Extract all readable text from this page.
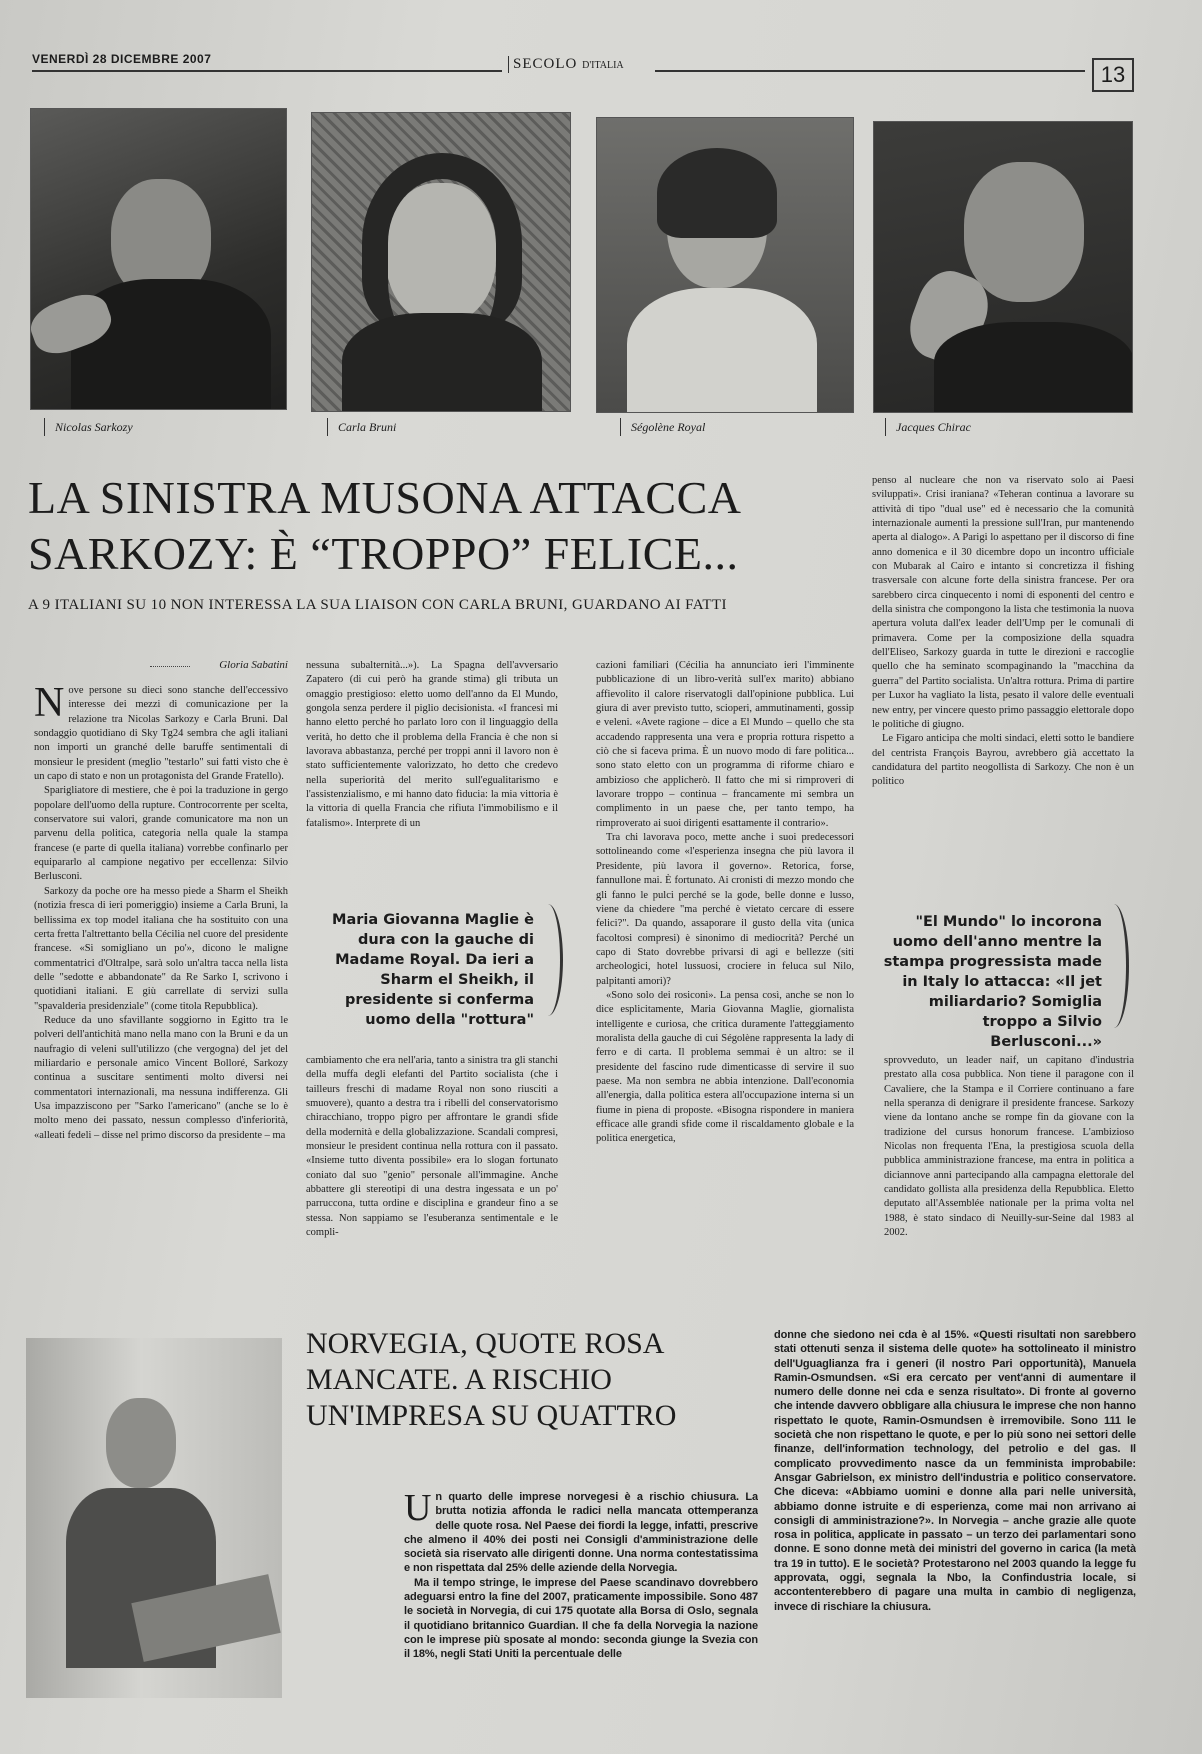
VENERDÌ 28 DICEMBRE 2007	SECOLO D'ITALIA	13
Nicolas Sarkozy	Carla Bruni	Ségolène Royal	Jacques Chirac
LA SINISTRA MUSONA ATTACCA
SARKOZY: È “TROPPO” FELICE...
A 9 ITALIANI SU 10 NON INTERESSA LA SUA LIAISON CON CARLA BRUNI, GUARDANO AI FATTI
Gloria Sabatini

Nove persone su dieci sono stanche dell'eccessivo interesse dei mezzi di comunicazione per la relazione tra Nicolas Sarkozy e Carla Bruni. Dal sondaggio quotidiano di Sky Tg24 sembra che agli italiani non importi un granché delle baruffe sentimentali di monsieur le president (meglio "testarlo" sui fatti visto che è un capo di stato e non un protagonista del Grande Fratello).

Sparigliatore di mestiere, che è poi la traduzione in gergo popolare dell'uomo della rupture. Controcorrente per scelta, conservatore sui valori, grande comunicatore ma non un parvenu della politica, categoria nella quale la stampa francese (e parte di quella italiana) vorrebbe confinarlo per equipararlo al campione negativo per eccellenza: Silvio Berlusconi.

Sarkozy da poche ore ha messo piede a Sharm el Sheikh (notizia fresca di ieri pomeriggio) insieme a Carla Bruni, la bellissima ex top model italiana che ha sostituito con una certa fretta l'altrettanto bella Cécilia nel cuore del presidente francese. «Si somigliano un po'», dicono le maligne commentatrici d'Oltralpe, sarà solo un'altra tacca nella lista delle "sedotte e abbandonate" da Re Sarko I, scrivono i quotidiani italiani. E giù carrellate di servizi sulla "spavalderia presidenziale" (come titola Repubblica).

Reduce da uno sfavillante soggiorno in Egitto tra le polveri dell'antichità mano nella mano con la Bruni e da un naufragio di veleni sull'utilizzo (che vergogna) del jet del miliardario e personale amico Vincent Bolloré, Sarkozy continua a suscitare sentimenti molto diversi nei commentatori internazionali, ma nessuna indifferenza. Gli Usa impazziscono per "Sarko l'americano" (anche se lo è molto meno dei passato, nessun complesso d'inferiorità, «alleati fedeli – disse nel primo discorso da presidente – ma

nessuna subalternità...»). La Spagna dell'avversario Zapatero (di cui però ha grande stima) gli tributa un omaggio prestigioso: eletto uomo dell'anno da El Mundo, gongola senza perdere il piglio decisionista. «I francesi mi hanno eletto perché ho parlato loro con il linguaggio della verità, ho detto che il problema della Francia è che non si lavorava abbastanza, perché per troppi anni il lavoro non è stato sufficientemente valorizzato, ho detto che credevo nella superiorità del merito sull'egualitarismo e l'assistenzialismo, e mi hanno dato fiducia: la mia vittoria è la vittoria di quella Francia che rifiuta l'immobilismo e il fatalismo». Interprete di un

Maria Giovanna Maglie è dura con la gauche di Madame Royal. Da ieri a Sharm el Sheikh, il presidente si conferma uomo della "rottura"

cambiamento che era nell'aria, tanto a sinistra tra gli stanchi della muffa degli elefanti del Partito socialista (che i tailleurs freschi di madame Royal non sono riusciti a smuovere), quanto a destra tra i ribelli del conservatorismo chiracchiano, troppo pigro per affrontare le grandi sfide della modernità e della globalizzazione. Scandali compresi, monsieur le president continua nella rottura con il passato. «Insieme tutto diventa possibile» era lo slogan fortunato coniato dal suo "genio" personale all'immagine. Anche abbattere gli stereotipi di una destra ingessata e un po' parruccona, tutta ordine e disciplina e grandeur fino a se stessa. Non sappiamo se l'esuberanza sentimentale e le compli-

cazioni familiari (Cécilia ha annunciato ieri l'imminente pubblicazione di un libro-verità sull'ex marito) abbiano affievolito il calore riservatogli dall'opinione pubblica. Lui giura di aver previsto tutto, scioperi, ammutinamenti, gossip e veleni. «Avete ragione – dice a El Mundo – quello che sta accadendo rappresenta una vera e propria rottura rispetto a ciò che si faceva prima. È un nuovo modo di fare politica... sono stato eletto con un programma di riforme chiaro e ambizioso che applicherò. Il fatto che mi si rimproveri di lavorare troppo – continua – francamente mi sembra un complimento in un paese che, per tanto tempo, ha rimproverato ai suoi dirigenti esattamente il contrario».

Tra chi lavorava poco, mette anche i suoi predecessori sottolineando come «l'esperienza insegna che più lavora il Presidente, più lavora il governo». Retorica, forse, fannullone mai. È fortunato. Ai cronisti di mezzo mondo che gli fanno le pulci perché se la gode, belle donne e lusso, viene da chiedere "ma perché è vietato cercare di essere felici?". Da quando, assaporare il gusto della vita (unica facoltosi compresi) è sinonimo di mediocrità? Perché un capo di Stato dovrebbe privarsi di agi e bellezze (siti archeologici, hotel lussuosi, crociere in feluca sul Nilo, palpitanti amori)?

«Sono solo dei rosiconi». La pensa così, anche se non lo dice esplicitamente, Maria Giovanna Maglie, giornalista intelligente e curiosa, che critica duramente l'atteggiamento moralista della gauche di cui Ségolène rappresenta la lady di ferro e di carta. Il problema semmai è un altro: se il presidente del fascino rude dimenticasse di servire il suo paese. Ma non sembra ne abbia intenzione. Dall'economia all'energia, dalla politica estera all'occupazione interna si un fiume in piena di proposte. «Bisogna rispondere in maniera efficace alle grandi sfide come il riscaldamento globale e la politica energetica,

penso al nucleare che non va riservato solo ai Paesi sviluppati». Crisi iraniana? «Teheran continua a lavorare su attività di tipo "dual use" ed è necessario che la comunità internazionale aumenti la pressione sull'Iran, pur mantenendo aperta al dialogo». A Parigi lo aspettano per il discorso di fine anno domenica e il 30 dicembre dopo un incontro ufficiale con Mubarak al Cairo e intanto si concretizza il fishing trasversale con alcune forte della sinistra francese. Per ora sarebbero circa cinquecento i nomi di esponenti del centro e della sinistra che compongono la lista che testimonia la nuova apertura voluta dall'ex leader dell'Ump per le comunali di primavera. Come per la composizione della squadra dell'Eliseo, Sarkozy guarda in tutte le direzioni e raccoglie quello che ha seminato scompaginando la "macchina da guerra" del Partito socialista. Un'altra rottura. Prima di partire per Luxor ha vagliato la lista, pesato il valore delle eventuali new entry, per vincere questo primo passaggio elettorale dopo le politiche di giugno.

Le Figaro anticipa che molti sindaci, eletti sotto le bandiere del centrista François Bayrou, avrebbero già accettato la candidatura del partito neogollista di Sarkozy. Che non è un politico

"El Mundo" lo incorona uomo dell'anno mentre la stampa progressista made in Italy lo attacca: «Il jet miliardario? Somiglia troppo a Silvio Berlusconi...»

sprovveduto, un leader naif, un capitano d'industria prestato alla cosa pubblica. Non tiene il paragone con il Cavaliere, che la Stampa e il Corriere continuano a fare nella speranza di denigrare il presidente francese. Sarkozy viene da lontano anche se rompe fin da giovane con la tradizione del cursus honorum francese. L'ambizioso Nicolas non frequenta l'Ena, la prestigiosa scuola della pubblica amministrazione francese, ma entra in politica a diciannove anni partecipando alla campagna elettorale del candidato gollista alla presidenza della Repubblica. Eletto deputato all'Assemblée nationale per la prima volta nel 1988, è stato sindaco di Neuilly-sur-Seine dal 1983 al 2002.

NORVEGIA, QUOTE ROSA
MANCATE. A RISCHIO
UN'IMPRESA SU QUATTRO

Un quarto delle imprese norvegesi è a rischio chiusura. La brutta notizia affonda le radici nella mancata ottemperanza delle quote rosa. Nel Paese dei fiordi la legge, infatti, prescrive che almeno il 40% dei posti nei Consigli d'amministrazione delle società sia riservato alle dirigenti donne. Una norma contestatissima e non rispettata dal 25% delle aziende della Norvegia.

Ma il tempo stringe, le imprese del Paese scandinavo dovrebbero adeguarsi entro la fine del 2007, praticamente impossibile. Sono 487 le società in Norvegia, di cui 175 quotate alla Borsa di Oslo, segnala il quotidiano britannico Guardian. Il che fa della Norvegia la nazione con le imprese più sposate al mondo: seconda giunge la Svezia con il 18%, negli Stati Uniti la percentuale delle

donne che siedono nei cda è al 15%. «Questi risultati non sarebbero stati ottenuti senza il sistema delle quote» ha sottolineato il ministro dell'Uguaglianza fra i generi (il nostro Pari opportunità), Manuela Ramin-Osmundsen. «Si era cercato per vent'anni di aumentare il numero delle donne nei cda e senza risultato». Di fronte al governo che intende davvero obbligare alla chiusura le imprese che non hanno rispettato le quote, Ramin-Osmundsen è irremovibile. Sono 111 le società che non rispettano le quote, e per lo più sono nei settori delle finanze, dell'information technology, del petrolio e del gas. Il complicato provvedimento nasce da un femminista improbabile: Ansgar Gabrielson, ex ministro dell'industria e politico conservatore. Che diceva: «Abbiamo uomini e donne alla pari nelle università, abbiamo donne istruite e di esperienza, come mai non arrivano ai consigli di amministrazione?». In Norvegia – anche grazie alle quote rosa in politica, applicate in passato – un terzo dei parlamentari sono donne. E sono donne metà dei ministri del governo in carica (la metà tra 19 in tutto). E le società? Protestarono nel 2003 quando la legge fu approvata, oggi, segnala la Nbo, la Confindustria locale, si accontenterebbero di pagare una multa in cambio di negligenza, invece di rischiare la chiusura.
